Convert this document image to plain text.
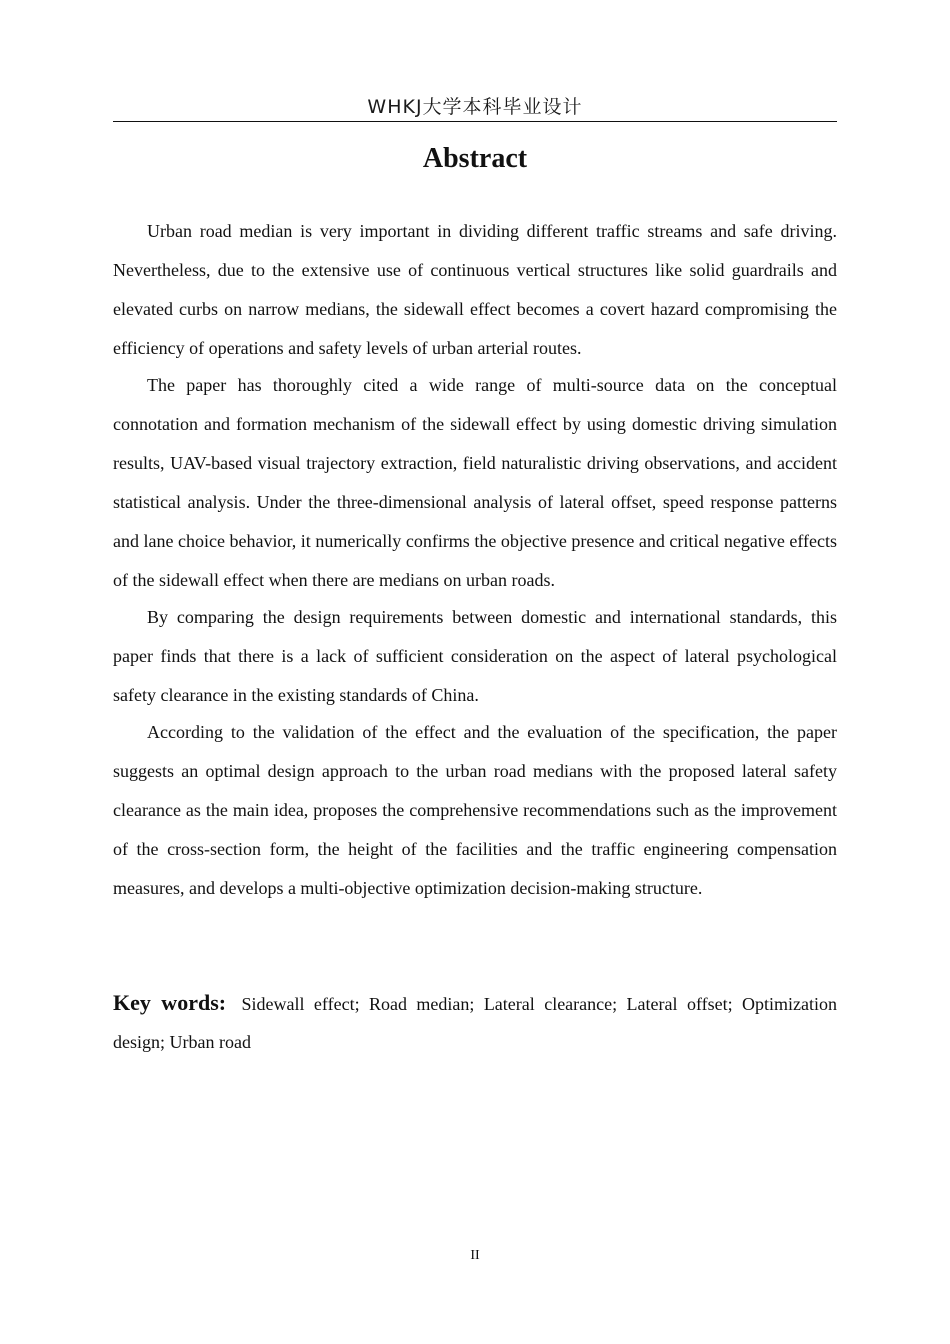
WHKJ大学本科毕业设计
Abstract

Urban road median is very important in dividing different traffic streams and safe driving. Nevertheless, due to the extensive use of continuous vertical structures like solid guardrails and elevated curbs on narrow medians, the sidewall effect becomes a covert hazard compromising the efficiency of operations and safety levels of urban arterial routes.

The paper has thoroughly cited a wide range of multi-source data on the conceptual connotation and formation mechanism of the sidewall effect by using domestic driving simulation results, UAV-based visual trajectory extraction, field naturalistic driving observations, and accident statistical analysis. Under the three-dimensional analysis of lateral offset, speed response patterns and lane choice behavior, it numerically confirms the objective presence and critical negative effects of the sidewall effect when there are medians on urban roads.

By comparing the design requirements between domestic and international standards, this paper finds that there is a lack of sufficient consideration on the aspect of lateral psychological safety clearance in the existing standards of China.

According to the validation of the effect and the evaluation of the specification, the paper suggests an optimal design approach to the urban road medians with the proposed lateral safety clearance as the main idea, proposes the comprehensive recommendations such as the improvement of the cross-section form, the height of the facilities and the traffic engineering compensation measures, and develops a multi-objective optimization decision-making structure.

Key words: Sidewall effect; Road median; Lateral clearance; Lateral offset; Optimization design; Urban road

II
